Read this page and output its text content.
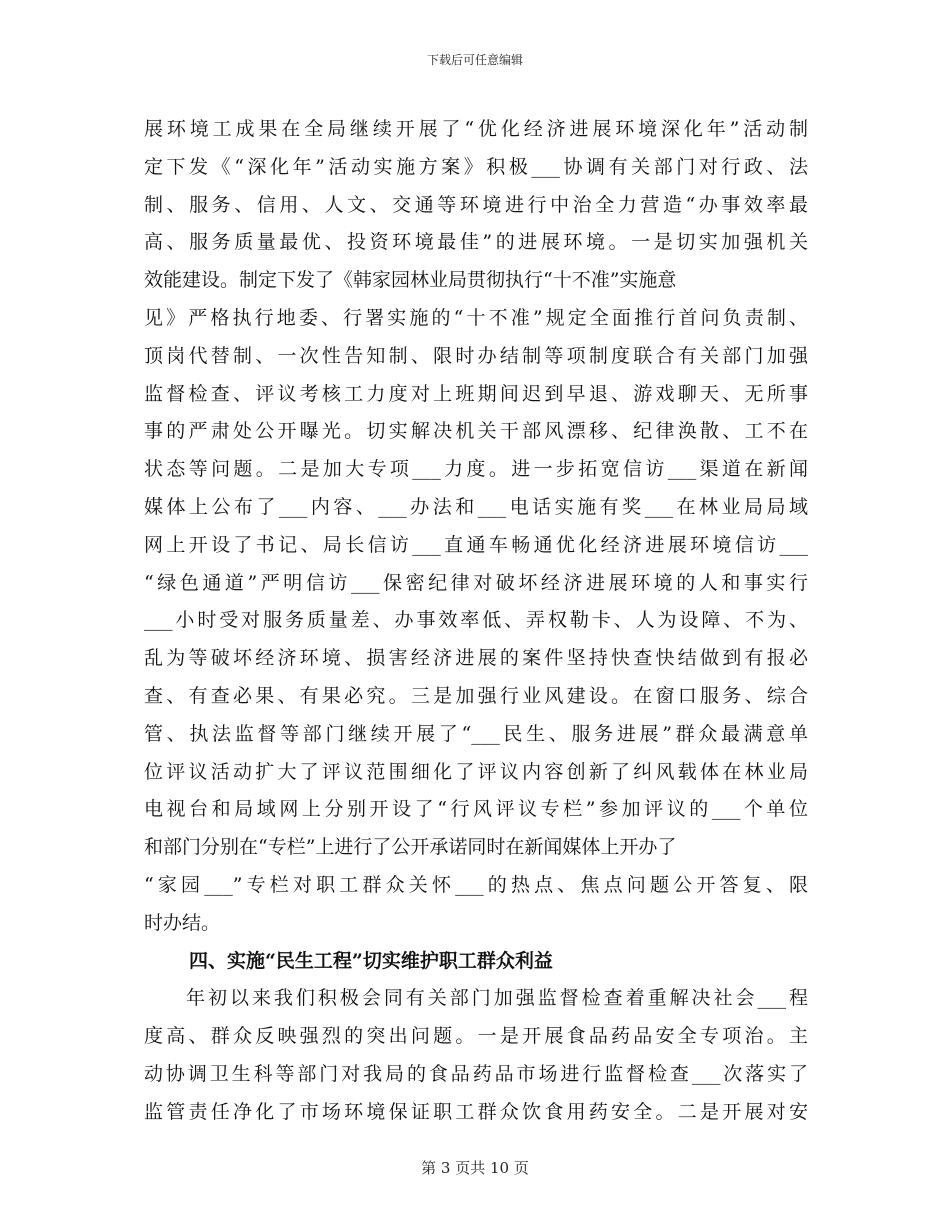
下载后可任意编辑
展环境工成果在全局继续开展了“优化经济进展环境深化年”活动制
定下发《“深化年”活动实施方案》积极___协调有关部门对行政、法
制、服务、信用、人文、交通等环境进行中治全力营造“办事效率最
高、服务质量最优、投资环境最佳”的进展环境。一是切实加强机关
效能建设。制定下发了《韩家园林业局贯彻执行“十不准”实施意
见》严格执行地委、行署实施的“十不准”规定全面推行首问负责制、
顶岗代替制、一次性告知制、限时办结制等项制度联合有关部门加强
监督检查、评议考核工力度对上班期间迟到早退、游戏聊天、无所事
事的严肃处公开曝光。切实解决机关干部风漂移、纪律涣散、工不在
状态等问题。二是加大专项___力度。进一步拓宽信访___渠道在新闻
媒体上公布了___内容、___办法和___电话实施有奖___在林业局局域
网上开设了书记、局长信访___直通车畅通优化经济进展环境信访___
“绿色通道”严明信访___保密纪律对破坏经济进展环境的人和事实行
___小时受对服务质量差、办事效率低、弄权勒卡、人为设障、不为、
乱为等破坏经济环境、损害经济进展的案件坚持快查快结做到有报必
查、有查必果、有果必究。三是加强行业风建设。在窗口服务、综合
管、执法监督等部门继续开展了“___民生、服务进展”群众最满意单
位评议活动扩大了评议范围细化了评议内容创新了纠风载体在林业局
电视台和局域网上分别开设了“行风评议专栏”参加评议的___个单位
和部门分别在“专栏”上进行了公开承诺同时在新闻媒体上开办了
“家园___”专栏对职工群众关怀___的热点、焦点问题公开答复、限
时办结。
四、实施“民生工程”切实维护职工群众利益
年初以来我们积极会同有关部门加强监督检查着重解决社会___程
度高、群众反映强烈的突出问题。一是开展食品药品安全专项治。主
动协调卫生科等部门对我局的食品药品市场进行监督检查___次落实了
监管责任净化了市场环境保证职工群众饮食用药安全。二是开展对安
第 3 页共 10 页
